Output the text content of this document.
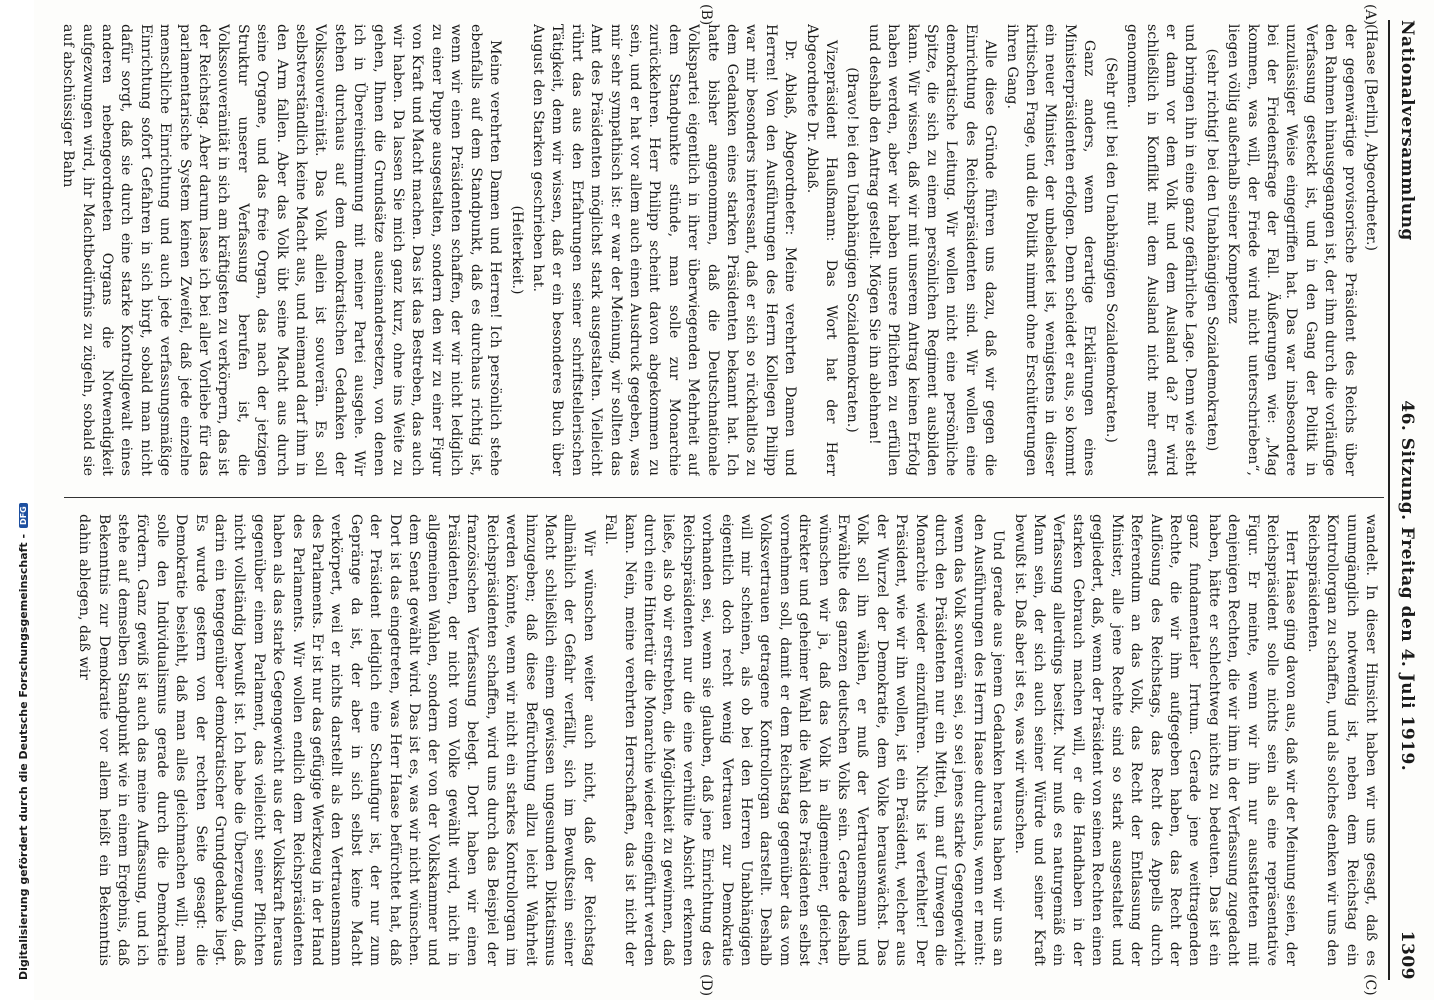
Nationalversammlung
46. Sitzung. Freitag den 4. Juli 1919.
1309
(A)
(B)
(C)
(D)

(Haase [Berlin], Abgeordneter.)

der gegenwärtige provisorische Präsident des Reichs über den Rahmen hinausgegangen ist, der ihm durch die vorläufige Verfassung gesteckt ist, und in den Gang der Politik in unzulässiger Weise eingegriffen hat. Das war insbesondere bei der Friedensfrage der Fall. Äußerungen wie: „Mag kommen, was will, der Friede wird nicht unterschrieben“, liegen völlig außerhalb seiner Kompetenz

(sehr richtig! bei den Unabhängigen Sozialdemokraten)

und bringen ihn in eine ganz gefährliche Lage. Denn wie steht er dann vor dem Volk und dem Ausland da? Er wird schließlich in Konflikt mit dem Ausland nicht mehr ernst genommen.

(Sehr gut! bei den Unabhängigen Sozialdemokraten.)

Ganz anders, wenn derartige Erklärungen eines Ministerpräsidenten erfolgen. Denn scheidet er aus, so kommt ein neuer Minister, der unbelastet ist, wenigstens in dieser kritischen Frage, und die Politik nimmt ohne Erschütterungen ihren Gang.

Alle diese Gründe führen uns dazu, daß wir gegen die Einrichtung des Reichspräsidenten sind. Wir wollen eine demokratische Leitung. Wir wollen nicht eine persönliche Spitze, die sich zu einem persönlichen Regiment ausbilden kann. Wir wissen, daß wir mit unserem Antrag keinen Erfolg haben werden, aber wir haben unsere Pflichten zu erfüllen und deshalb den Antrag gestellt. Mögen Sie ihn ablehnen!

(Bravo! bei den Unabhängigen Sozialdemokraten.)

Vizepräsident Haußmann: Das Wort hat der Herr Abgeordnete Dr. Ablaß.

Dr. Ablaß, Abgeordneter: Meine verehrten Damen und Herren! Von den Ausführungen des Herrn Kollegen Philipp war mir besonders interessant, daß er sich so rückhaltlos zu dem Gedanken eines starken Präsidenten bekannt hat. Ich hatte bisher angenommen, daß die Deutschnationale Volkspartei eigentlich in ihrer überwiegenden Mehrheit auf dem Standpunkte stünde, man solle zur Monarchie zurückkehren. Herr Philipp scheint davon abgekommen zu sein, und er hat vor allem auch einen Ausdruck gegeben, was mir sehr sympathisch ist: er war der Meinung, wir sollten das Amt des Präsidenten möglichst stark ausgestalten. Vielleicht rührt das aus den Erfahrungen seiner schriftstellerischen Tätigkeit, denn wir wissen, daß er ein besonderes Buch über August den Starken geschrieben hat.

(Heiterkeit.)

Meine verehrten Damen und Herren! Ich persönlich stehe ebenfalls auf dem Standpunkt, daß es durchaus richtig ist, wenn wir einen Präsidenten schaffen, der wir nicht lediglich zu einer Puppe ausgestalten, sondern den wir zu einer Figur von Kraft und Macht machen. Das ist das Bestreben, das auch wir haben. Da lassen Sie mich ganz kurz, ohne ins Weite zu gehen, Ihnen die Grundsätze auseinandersetzen, von denen ich in Übereinstimmung mit meiner Partei ausgehe. Wir stehen durchaus auf dem demokratischen Gedanken der Volkssouveränität. Das Volk allein ist souverän. Es soll selbstverständlich keine Macht aus, und niemand darf ihm in den Arm fallen. Aber das Volk übt seine Macht aus durch seine Organe, und das freie Organ, das nach der jetzigen Struktur unserer Verfassung berufen ist, die Volkssouveränität in sich am kräftigsten zu verkörpern, das ist der Reichstag. Aber darum lasse ich bei aller Vorliebe für das parlamentarische System keinen Zweifel, daß jede einzelne menschliche Einrichtung und auch jede verfassungsmäßige Einrichtung sofort Gefahren in sich birgt, sobald man nicht dafür sorgt, daß sie durch eine starke Kontrollgewalt eines anderen nebengeordneten Organs die Notwendigkeit aufgezwungen wird, ihr Machtbedürfnis zu zügeln, sobald sie auf abschüssiger Bahn

wandelt. In dieser Hinsicht haben wir uns gesagt, daß es unumgänglich notwendig ist, neben dem Reichstag ein Kontrollorgan zu schaffen, und als solches denken wir uns den Reichspräsidenten.

Herr Haase ging davon aus, daß wir der Meinung seien, der Reichspräsident solle nichts sein als eine repräsentative Figur. Er meinte, wenn wir ihn nur ausstatteten mit denjenigen Rechten, die wir ihm in der Verfassung zugedacht haben, hätte er schlechtweg nichts zu bedeuten. Das ist ein ganz fundamentaler Irrtum. Gerade jene weittragenden Rechte, die wir ihm aufgegeben haben, das Recht der Auflösung des Reichstags, das Recht des Appells durch Referendum an das Volk, das Recht der Entlassung der Minister, alle jene Rechte sind so stark ausgestaltet und gegliedert, daß, wenn der Präsident von seinen Rechten einen starken Gebrauch machen will, er die Handhaben in der Verfassung allerdings besitzt. Nur muß es naturgemäß ein Mann sein, der sich auch seiner Würde und seiner Kraft bewußt ist. Daß aber ist es, was wir wünschen.

Und gerade aus jenem Gedanken heraus haben wir uns an den Ausführungen des Herrn Haase durchaus, wenn er meint: wenn das Volk souverän sei, so sei jenes starke Gegengewicht durch den Präsidenten nur ein Mittel, um auf Umwegen die Monarchie wieder einzuführen. Nichts ist verfehlter! Der Präsident, wie wir ihn wollen, ist ein Präsident, welcher aus der Wurzel der Demokratie, dem Volke herauswächst. Das Volk soll ihn wählen, er muß der Vertrauensmann und Erwählte des ganzen deutschen Volks sein. Gerade deshalb wünschen wir ja, daß das Volk in allgemeiner, gleicher, direkter und geheimer Wahl die Wahl des Präsidenten selbst vornehmen soll, damit er dem Reichstag gegenüber das vom Volksvertrauen getragene Kontrollorgan darstellt. Deshalb will mir scheinen, als ob bei den Herren Unabhängigen eigentlich doch recht wenig Vertrauen zur Demokratie vorhanden sei, wenn sie glauben, daß jene Einrichtung des Reichspräsidenten nur die eine verhüllte Absicht erkennen ließe, als ob wir erstrebten, die Möglichkeit zu gewinnen, daß durch eine Hintertür die Monarchie wieder eingeführt werden kann. Nein, meine verehrten Herrschaften, das ist nicht der Fall.

Wir wünschen weiter auch nicht, daß der Reichstag allmählich der Gefahr verfällt, sich im Bewußtsein seiner Macht schließlich einem gewissen ungesunden Diktatismus hinzugeben; daß diese Befürchtung allzu leicht Wahrheit werden könnte, wenn wir nicht ein starkes Kontrollorgan im Reichspräsidenten schaffen, wird uns durch das Beispiel der französischen Verfassung belegt. Dort haben wir einen Präsidenten, der nicht vom Volke gewählt wird, nicht in allgemeinen Wahlen, sondern der von der Volkskammer und dem Senat gewählt wird. Das ist es, was wir nicht wünschen. Dort ist das eingetreten, was Herr Haase befürchtet hat, daß der Präsident lediglich eine Schaufigur ist, der nur zum Gepränge da ist, der aber in sich selbst keine Macht verkörpert, weil er nichts darstellt als den Vertrauensmann des Parlaments. Er ist nur das gefügige Werkzeug in der Hand des Parlaments. Wir wollen endlich dem Reichspräsidenten haben als das starke Gegengewicht aus der Volkskraft heraus gegenüber einem Parlament, das vielleicht seiner Pflichten nicht vollständig bewußt ist. Ich habe die Überzeugung, daß darin ein tengegenüber demokratischer Grundgedanke liegt. Es wurde gestern von der rechten Seite gesagt: die Demokratie besiehlt, daß man alles gleichmachen will; man solle den Individualismus gerade durch die Demokratie fördern. Ganz gewiß ist auch das meine Auffassung, und ich stehe auf demselben Standpunkt wie in einem Ergebnis, daß Bekenntnis zur Demokratie vor allem heißt ein Bekenntnis dahin ablegen, daß wir

Digitalisierung gefördert durch die Deutsche Forschungsgemeinschaft -
DFG
